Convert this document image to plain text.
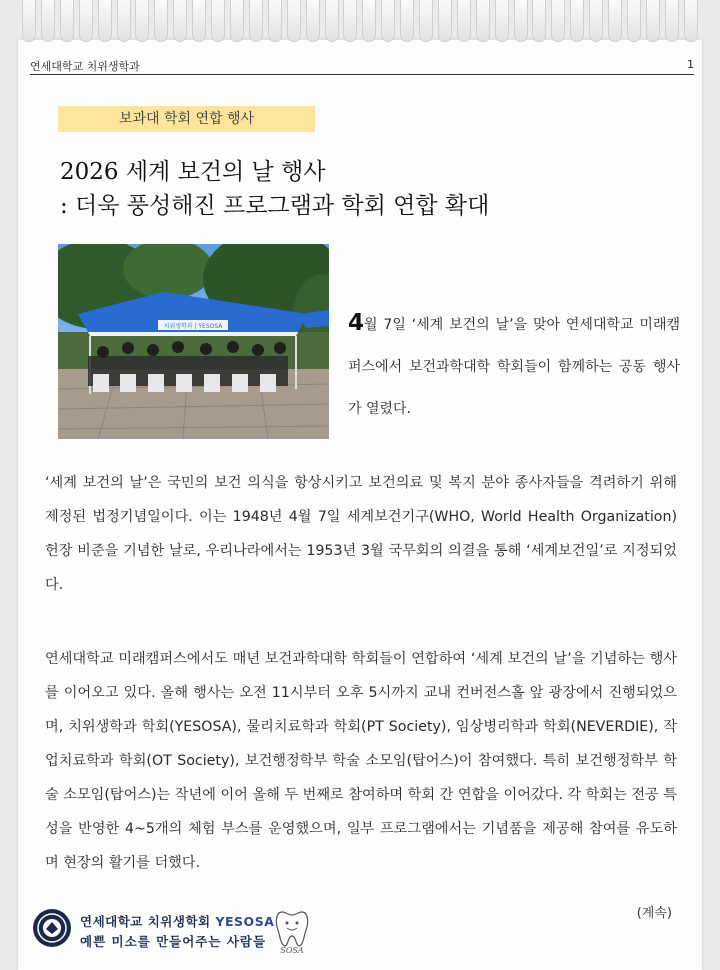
연세대학교 치위생학과	1
보과대 학회 연합 행사
2026 세계 보건의 날 행사
: 더욱 풍성해진 프로그램과 학회 연합 확대
치위생학과 | YESOSA	4월 7일 ‘세계 보건의 날’을 맞아 연세대학교 미래캠퍼스에서 보건과학대학 학회들이 함께하는 공동 행사가 열렸다.
‘세계 보건의 날’은 국민의 보건 의식을 항상시키고 보건의료 및 복지 분야 종사자들을 격려하기 위해 제정된 법정기념일이다. 이는 1948년 4월 7일 세계보건기구(WHO, World Health Organization) 헌장 비준을 기념한 날로, 우리나라에서는 1953년 3월 국무회의 의결을 통해 ‘세계보건일’로 지정되었다.
연세대학교 미래캠퍼스에서도 매년 보건과학대학 학회들이 연합하여 ‘세계 보건의 날’을 기념하는 행사를 이어오고 있다. 올해 행사는 오전 11시부터 오후 5시까지 교내 컨버전스홀 앞 광장에서 진행되었으며, 치위생학과 학회(YESOSA), 물리치료학과 학회(PT Society), 임상병리학과 학회(NEVERDIE), 작업치료학과 학회(OT Society), 보건행정학부 학술 소모임(탑어스)이 참여했다. 특히 보건행정학부 학술 소모임(탑어스)는 작년에 이어 올해 두 번째로 참여하며 학회 간 연합을 이어갔다. 각 학회는 전공 특성을 반영한 4~5개의 체험 부스를 운영했으며, 일부 프로그램에서는 기념품을 제공해 참여를 유도하며 현장의 활기를 더했다.
(계속)
연세대학교 치위생학회 YESOSA
예쁜 미소를 만들어주는 사람들
SOSA
